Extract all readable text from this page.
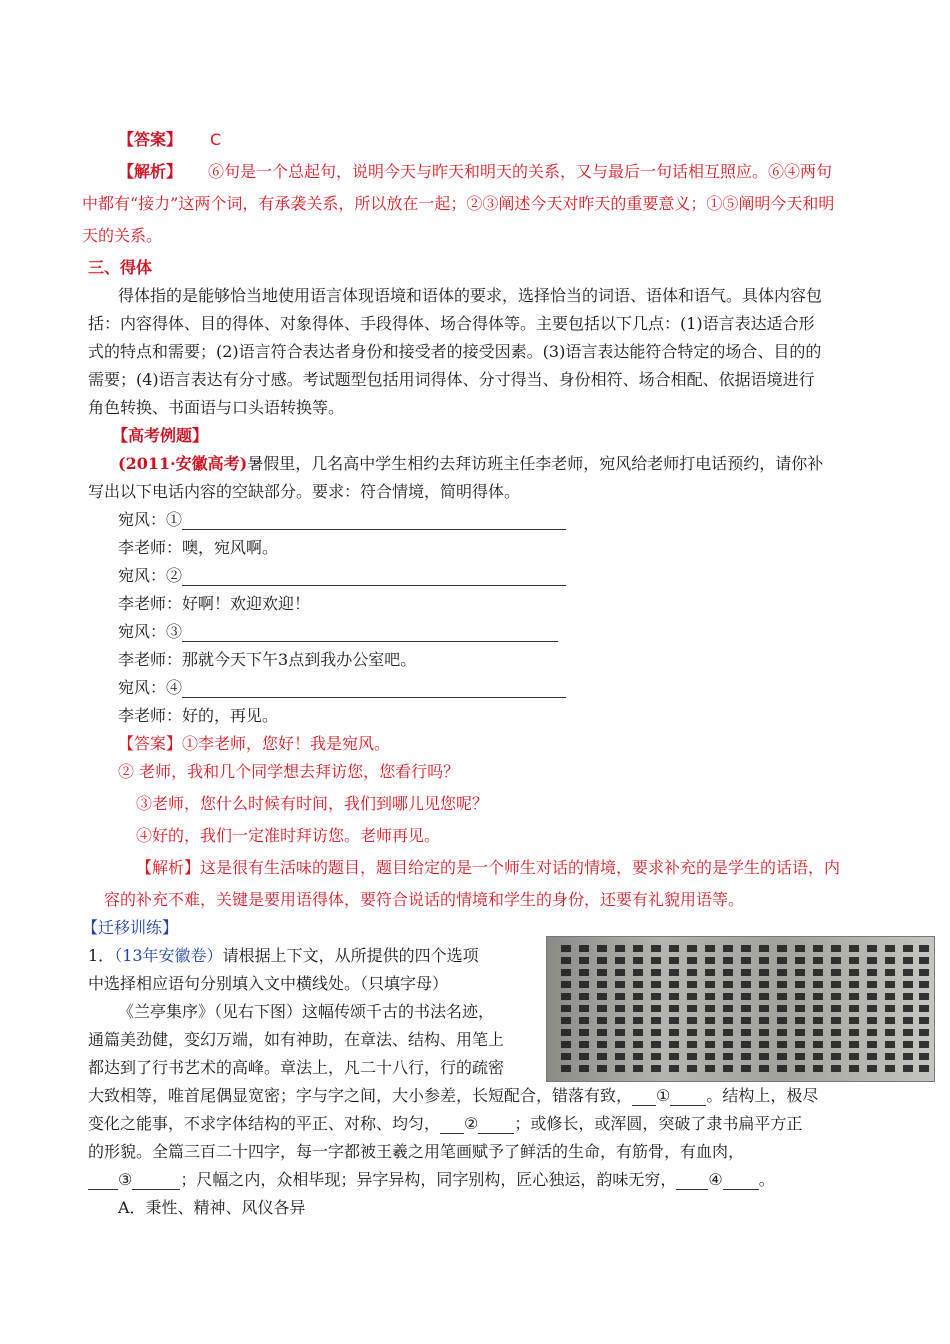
【答案】 C
【解析】 ⑥句是一个总起句，说明今天与昨天和明天的关系，又与最后一句话相互照应。⑥④两句
中都有“接力”这两个词，有承袭关系，所以放在一起；②③阐述今天对昨天的重要意义；①⑤阐明今天和明
天的关系。
三、得体
得体指的是能够恰当地使用语言体现语境和语体的要求，选择恰当的词语、语体和语气。具体内容包
括：内容得体、目的得体、对象得体、手段得体、场合得体等。主要包括以下几点：(1)语言表达适合形
式的特点和需要；(2)语言符合表达者身份和接受者的接受因素。(3)语言表达能符合特定的场合、目的的
需要；(4)语言表达有分寸感。考试题型包括用词得体、分寸得当、身份相符、场合相配、依据语境进行
角色转换、书面语与口头语转换等。
【高考例题】
(2011·安徽高考)暑假里，几名高中学生相约去拜访班主任李老师，宛风给老师打电话预约，请你补
写出以下电话内容的空缺部分。要求：符合情境，简明得体。
宛风：①
李老师：噢，宛风啊。
宛风：②
李老师：好啊！欢迎欢迎！
宛风：③
李老师：那就今天下午3点到我办公室吧。
宛风：④
李老师：好的，再见。
【答案】①李老师，您好！我是宛风。
② 老师，我和几个同学想去拜访您，您看行吗？
③老师，您什么时候有时间，我们到哪儿见您呢？
④好的，我们一定准时拜访您。老师再见。
【解析】这是很有生活味的题目，题目给定的是一个师生对话的情境，要求补充的是学生的话语，内
容的补充不难，关键是要用语得体，要符合说话的情境和学生的身份，还要有礼貌用语等。
【迁移训练】
1．（13年安徽卷）请根据上下文，从所提供的四个选项
中选择相应语句分别填入文中横线处。（只填字母）
《兰亭集序》（见右下图）这幅传颂千古的书法名迹，
通篇美劲健，变幻万端，如有神助，在章法、结构、用笔上
都达到了行书艺术的高峰。章法上，凡二十八行，行的疏密
大致相等，唯首尾偶显宽密；字与字之间，大小参差，长短配合，错落有致， ① 。结构上，极尽
变化之能事，不求字体结构的平正、对称、均匀， ② ；或修长，或浑圆，突破了隶书扁平方正
的形貌。全篇三百二十四字，每一字都被王羲之用笔画赋予了鲜活的生命，有筋骨，有血肉，
③	；尺幅之内，众相毕现；异字异构，同字别构，匠心独运，韵味无穷， ④ 。
A．秉性、精神、风仪各异
